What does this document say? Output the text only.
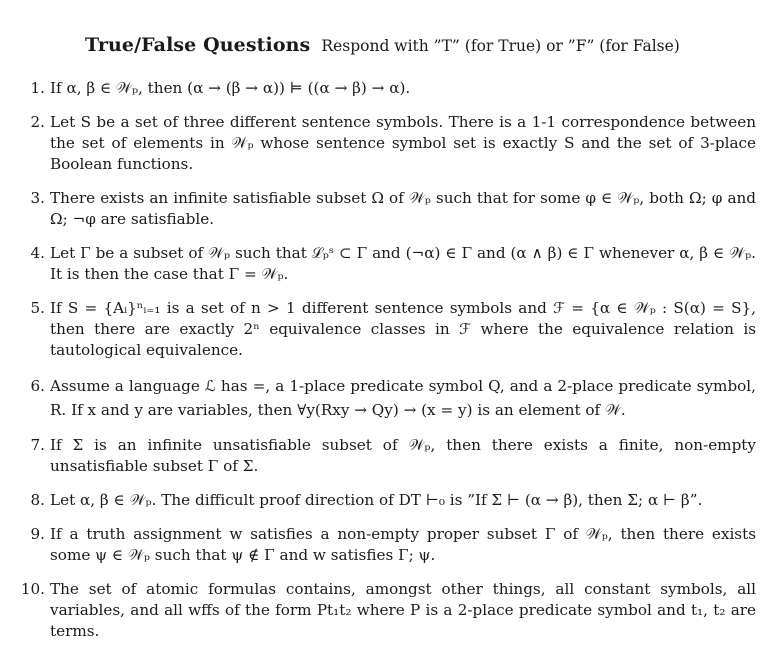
True/False Questions Respond with ”T” (for True) or ”F” (for False)
1. If α, β ∈ 𝒲ₚ, then (α → (β → α)) ⊨ ((α → β) → α).
2. Let S be a set of three different sentence symbols. There is a 1-1 correspondence between the set of elements in 𝒲ₚ whose sentence symbol set is exactly S and the set of 3-place Boolean functions.
3. There exists an infinite satisfiable subset Ω of 𝒲ₚ such that for some φ ∈ 𝒲ₚ, both Ω; φ and Ω; ¬φ are satisfiable.
4. Let Γ be a subset of 𝒲ₚ such that ℒₚˢ ⊂ Γ and (¬α) ∈ Γ and (α ∧ β) ∈ Γ whenever α, β ∈ 𝒲ₚ. It is then the case that Γ = 𝒲ₚ.
5. If S = {Aᵢ}ⁿᵢ₌₁ is a set of n > 1 different sentence symbols and ℱ = {α ∈ 𝒲ₚ : S(α) = S}, then there are exactly 2ⁿ equivalence classes in ℱ where the equivalence relation is tautological equivalence.
6. Assume a language ℒ has =, a 1-place predicate symbol Q, and a 2-place predicate symbol, R. If x and y are variables, then ∀y(Rxy → Qy) → (x = y) is an element of 𝒲.
7. If Σ is an infinite unsatisfiable subset of 𝒲ₚ, then there exists a finite, non-empty unsatisfiable subset Γ of Σ.
8. Let α, β ∈ 𝒲ₚ. The difficult proof direction of DT ⊢₀ is ”If Σ ⊢ (α → β), then Σ; α ⊢ β”.
9. If a truth assignment w satisfies a non-empty proper subset Γ of 𝒲ₚ, then there exists some ψ ∈ 𝒲ₚ such that ψ ∉ Γ and w satisfies Γ; ψ.
10. The set of atomic formulas contains, amongst other things, all constant symbols, all variables, and all wffs of the form Pt₁t₂ where P is a 2-place predicate symbol and t₁, t₂ are terms.
